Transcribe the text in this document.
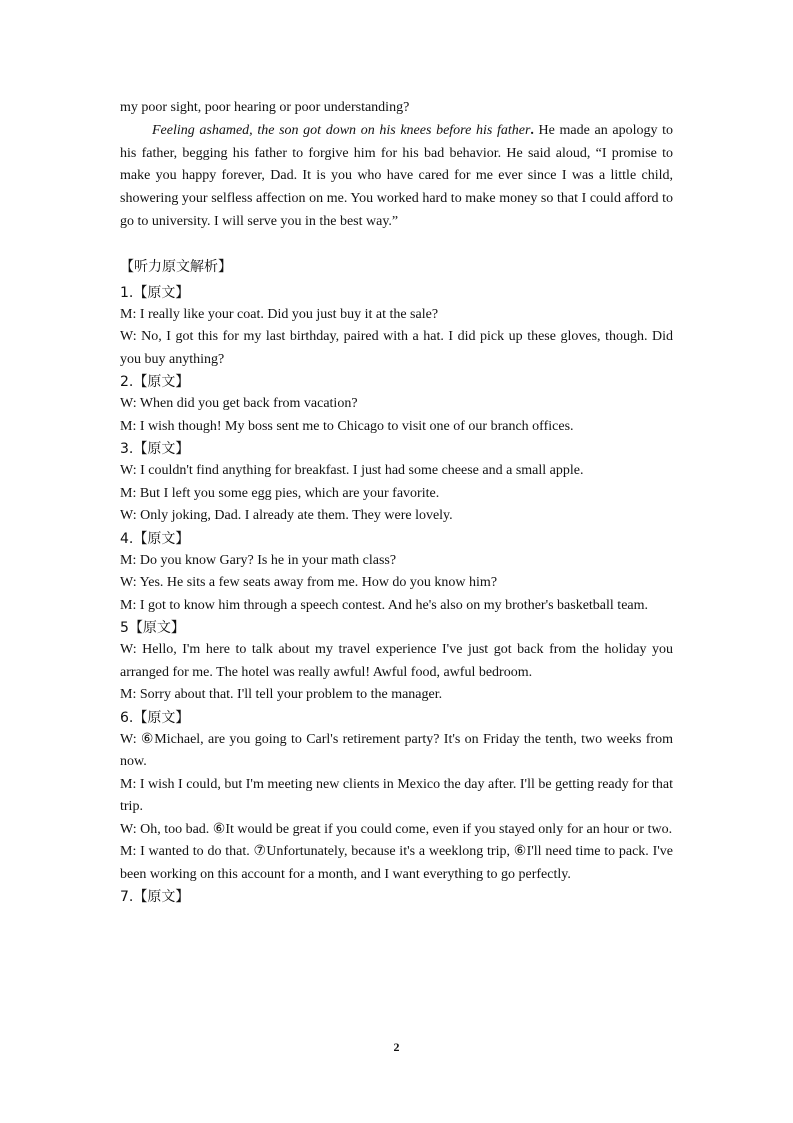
my poor sight, poor hearing or poor understanding?

Feeling ashamed, the son got down on his knees before his father. He made an apology to his father, begging his father to forgive him for his bad behavior. He said aloud, “I promise to make you happy forever, Dad. It is you who have cared for me ever since I was a little child, showering your selfless affection on me. You worked hard to make money so that I could afford to go to university. I will serve you in the best way.”

【听力原文解析】

1.【原文】

M: I really like your coat. Did you just buy it at the sale?

W: No, I got this for my last birthday, paired with a hat. I did pick up these gloves, though. Did you buy anything?

2.【原文】

W: When did you get back from vacation?

M: I wish though! My boss sent me to Chicago to visit one of our branch offices.

3.【原文】

W: I couldn't find anything for breakfast. I just had some cheese and a small apple.

M: But I left you some egg pies, which are your favorite.

W: Only joking, Dad. I already ate them. They were lovely.

4.【原文】

M: Do you know Gary? Is he in your math class?

W: Yes. He sits a few seats away from me. How do you know him?

M: I got to know him through a speech contest. And he's also on my brother's basketball team.

5【原文】

W: Hello, I'm here to talk about my travel experience I've just got back from the holiday you arranged for me. The hotel was really awful! Awful food, awful bedroom.

M: Sorry about that. I'll tell your problem to the manager.

6.【原文】

W: ⑥Michael, are you going to Carl's retirement party? It's on Friday the tenth, two weeks from now.

M: I wish I could, but I'm meeting new clients in Mexico the day after. I'll be getting ready for that trip.

W: Oh, too bad. ⑥It would be great if you could come, even if you stayed only for an hour or two.

M: I wanted to do that. ⑦Unfortunately, because it's a weeklong trip, ⑥I'll need time to pack. I've been working on this account for a month, and I want everything to go perfectly.

7.【原文】

2
